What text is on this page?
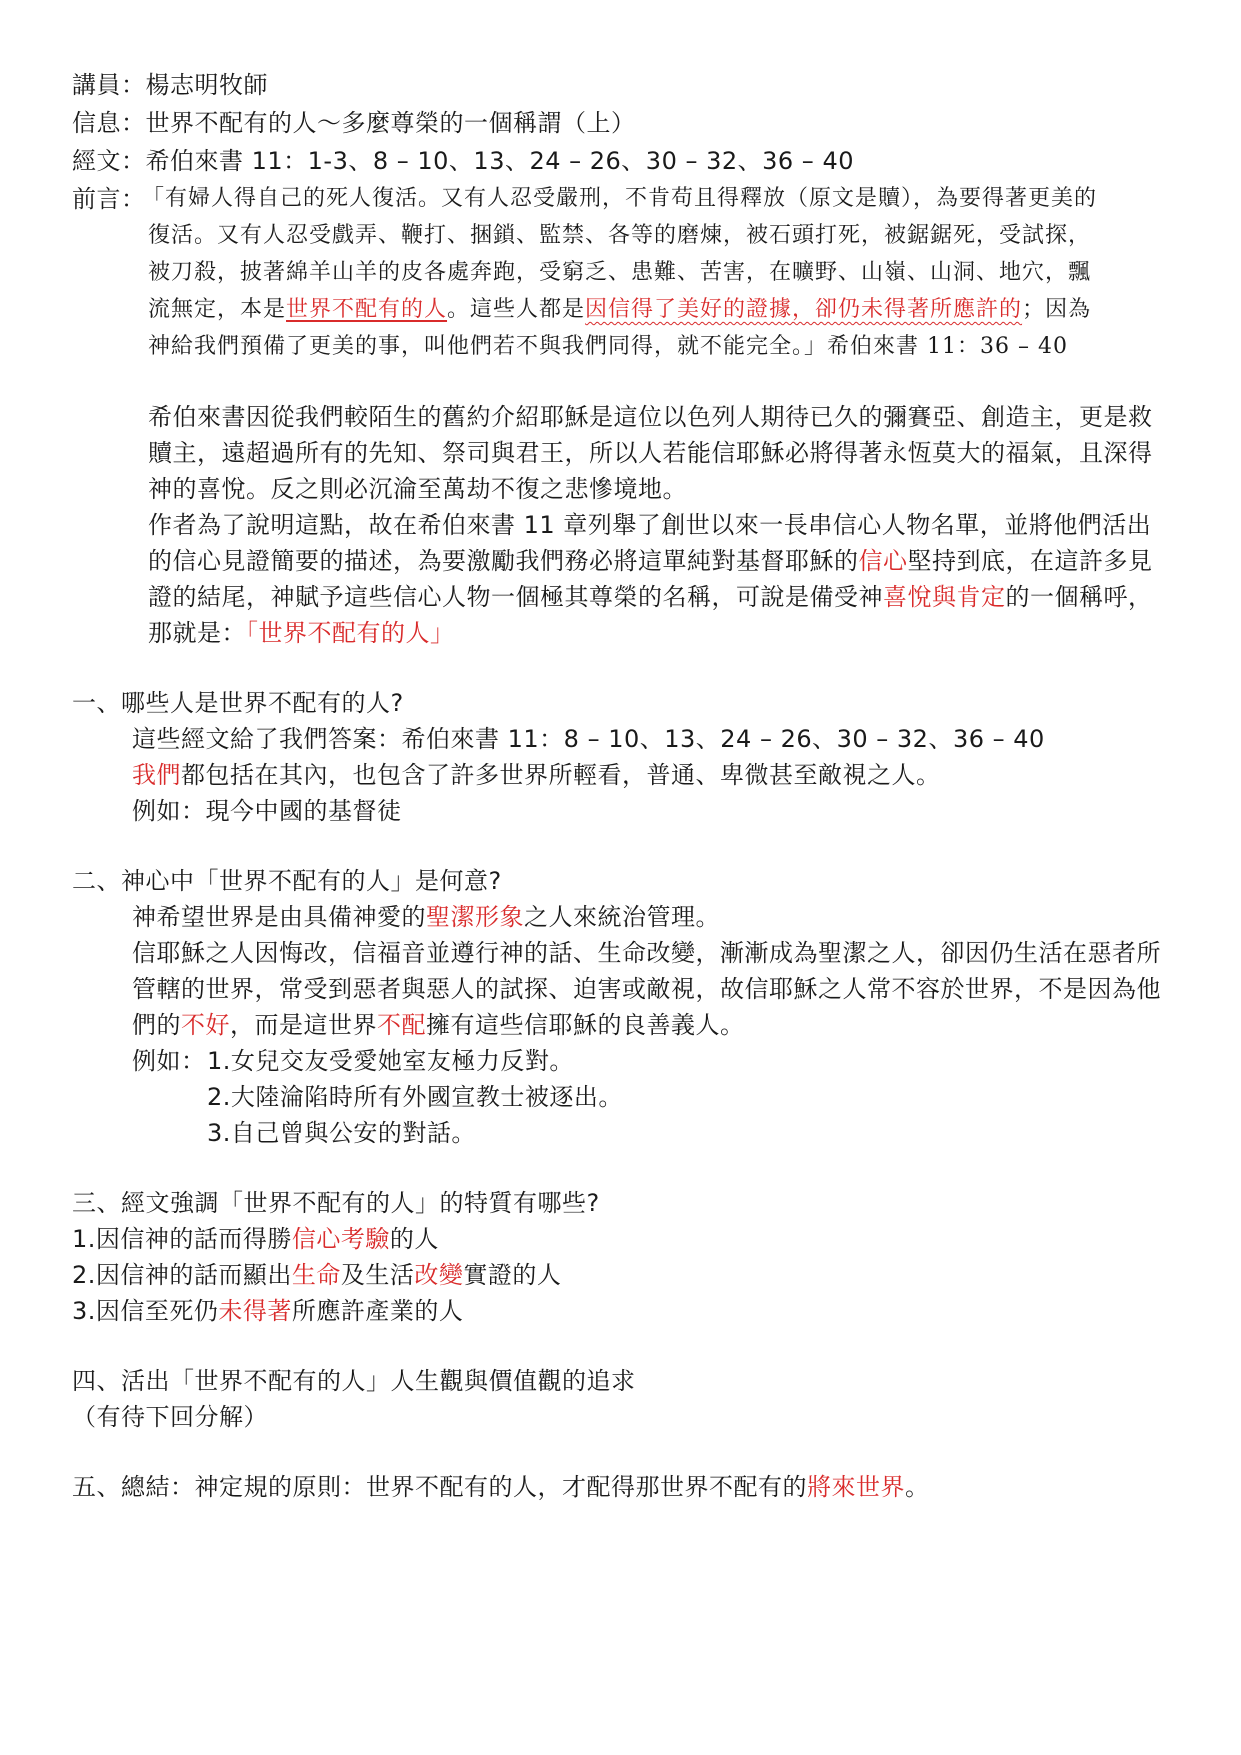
講員：楊志明牧師
信息：世界不配有的人～多麼尊榮的一個稱謂（上）
經文：希伯來書 11：1-3、8 – 10、13、24 – 26、30 – 32、36 – 40
前言：
「有婦人得自己的死人復活。又有人忍受嚴刑，不肯苟且得釋放（原文是贖），為要得著更美的
復活。又有人忍受戲弄、鞭打、捆鎖、監禁、各等的磨煉，被石頭打死，被鋸鋸死，受試探，
被刀殺，披著綿羊山羊的皮各處奔跑，受窮乏、患難、苦害，在曠野、山嶺、山洞、地穴，飄
流無定，本是世界不配有的人。這些人都是因信得了美好的證據，卻仍未得著所應許的；因為
神給我們預備了更美的事，叫他們若不與我們同得，就不能完全。」希伯來書 11：36 – 40
希伯來書因從我們較陌生的舊約介紹耶穌是這位以色列人期待已久的彌賽亞、創造主，更是救
贖主，遠超過所有的先知、祭司與君王，所以人若能信耶穌必將得著永恆莫大的福氣，且深得
神的喜悅。反之則必沉淪至萬劫不復之悲慘境地。
作者為了說明這點，故在希伯來書 11 章列舉了創世以來一長串信心人物名單，並將他們活出
的信心見證簡要的描述，為要激勵我們務必將這單純對基督耶穌的信心堅持到底，在這許多見
證的結尾，神賦予這些信心人物一個極其尊榮的名稱，可說是備受神喜悅與肯定的一個稱呼，
那就是：「世界不配有的人」
一、哪些人是世界不配有的人?
這些經文給了我們答案：希伯來書 11：8 – 10、13、24 – 26、30 – 32、36 – 40
我們都包括在其內，也包含了許多世界所輕看，普通、卑微甚至敵視之人。
例如：現今中國的基督徒
二、神心中「世界不配有的人」是何意?
神希望世界是由具備神愛的聖潔形象之人來統治管理。
信耶穌之人因悔改，信福音並遵行神的話、生命改變，漸漸成為聖潔之人，卻因仍生活在惡者所
管轄的世界，常受到惡者與惡人的試探、迫害或敵視，故信耶穌之人常不容於世界，不是因為他
們的不好，而是這世界不配擁有這些信耶穌的良善義人。
例如： 1.女兒交友受愛她室友極力反對。
2.大陸淪陷時所有外國宣教士被逐出。
3.自己曾與公安的對話。
三、經文強調「世界不配有的人」的特質有哪些?
1.因信神的話而得勝信心考驗的人
2.因信神的話而顯出生命及生活改變實證的人
3.因信至死仍未得著所應許產業的人
四、活出「世界不配有的人」人生觀與價值觀的追求
（有待下回分解）
五、總結：神定規的原則：世界不配有的人，才配得那世界不配有的將來世界。
